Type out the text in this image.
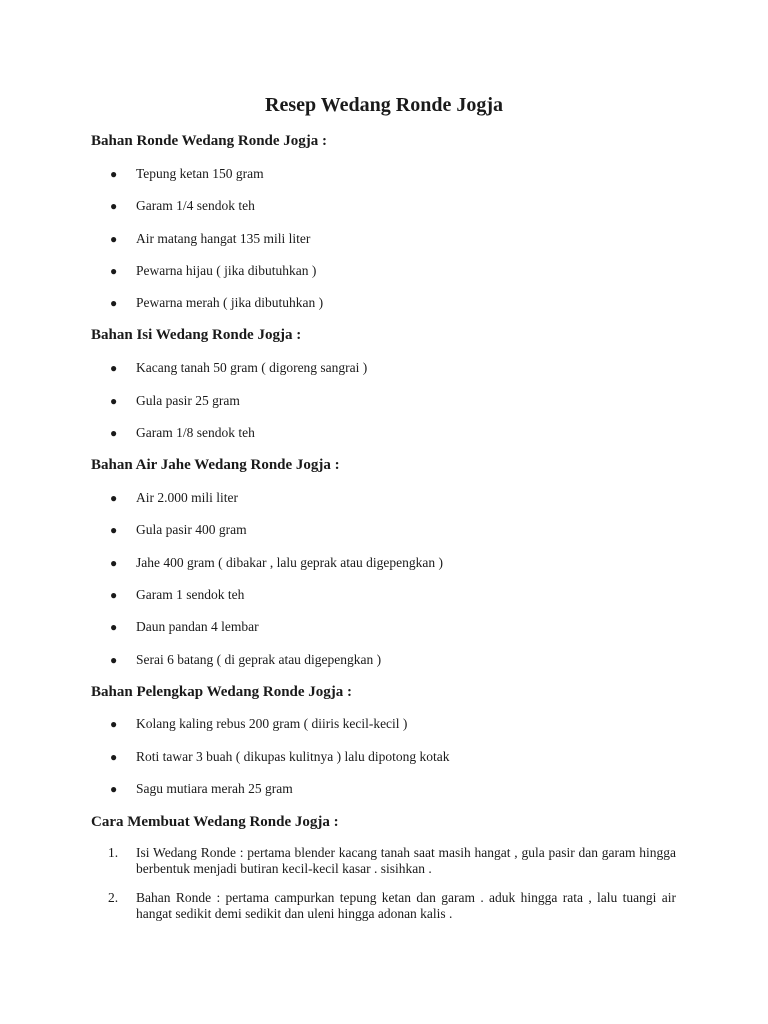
Resep Wedang Ronde Jogja
Bahan Ronde Wedang Ronde Jogja :
●	Tepung ketan 150 gram
●	Garam 1/4 sendok teh
●	Air matang hangat 135 mili liter
●	Pewarna hijau ( jika dibutuhkan )
●	Pewarna merah ( jika dibutuhkan )
Bahan Isi Wedang Ronde Jogja :
●	Kacang tanah 50 gram ( digoreng sangrai )
●	Gula pasir 25 gram
●	Garam 1/8 sendok teh
Bahan Air Jahe Wedang Ronde Jogja :
●	Air 2.000 mili liter
●	Gula pasir 400 gram
●	Jahe 400 gram ( dibakar , lalu geprak atau digepengkan )
●	Garam 1 sendok teh
●	Daun pandan 4 lembar
●	Serai 6 batang ( di geprak atau digepengkan )
Bahan Pelengkap Wedang Ronde Jogja :
●	Kolang kaling rebus 200 gram ( diiris kecil-kecil )
●	Roti tawar 3 buah ( dikupas kulitnya ) lalu dipotong kotak
●	Sagu mutiara merah 25 gram
Cara Membuat Wedang Ronde Jogja :
1.	Isi Wedang Ronde : pertama blender kacang tanah saat masih hangat , gula pasir dan garam hingga berbentuk menjadi butiran kecil-kecil kasar . sisihkan .
2.	Bahan Ronde : pertama campurkan tepung ketan dan garam . aduk hingga rata , lalu tuangi air hangat sedikit demi sedikit dan uleni hingga adonan kalis .
